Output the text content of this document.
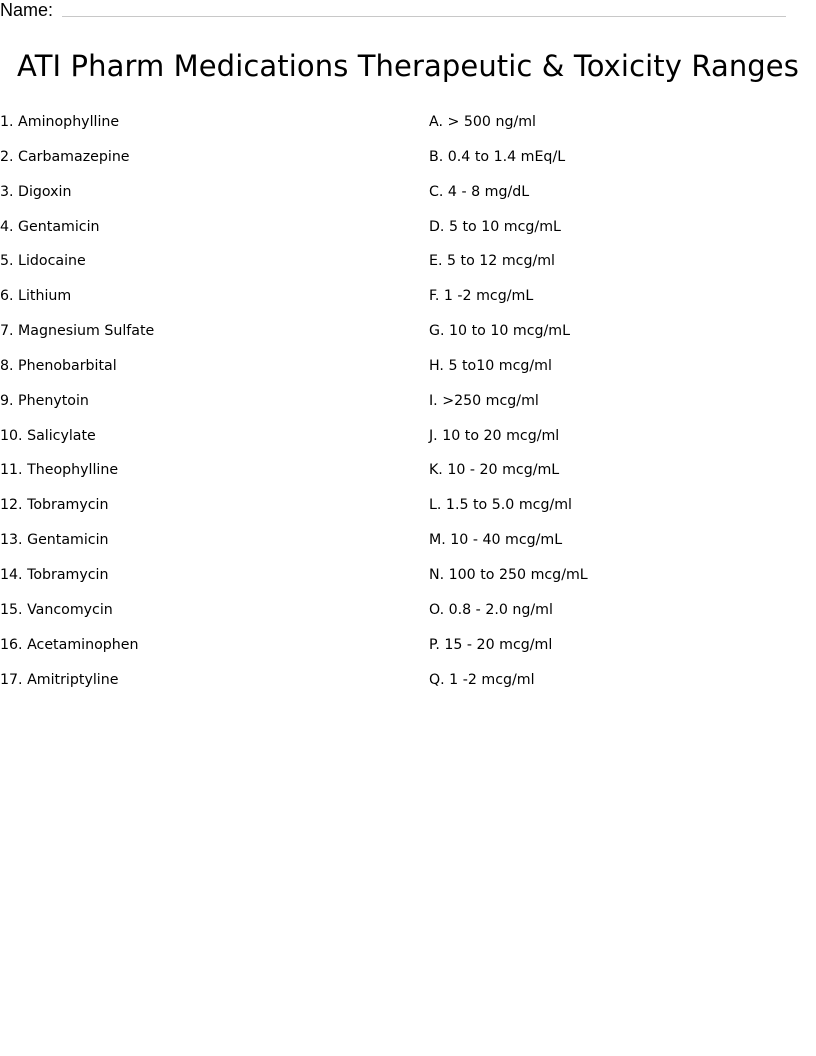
Name:
ATI Pharm Medications Therapeutic & Toxicity Ranges
1. Aminophylline
2. Carbamazepine
3. Digoxin
4. Gentamicin
5. Lidocaine
6. Lithium
7. Magnesium Sulfate
8. Phenobarbital
9. Phenytoin
10. Salicylate
11. Theophylline
12. Tobramycin
13. Gentamicin
14. Tobramycin
15. Vancomycin
16. Acetaminophen
17. Amitriptyline
A. > 500 ng/ml
B. 0.4 to 1.4 mEq/L
C. 4 - 8 mg/dL
D. 5 to 10 mcg/mL
E. 5 to 12 mcg/ml
F. 1 -2 mcg/mL
G. 10 to 10 mcg/mL
H. 5 to10 mcg/ml
I. >250 mcg/ml
J. 10 to 20 mcg/ml
K. 10 - 20 mcg/mL
L. 1.5 to 5.0 mcg/ml
M. 10 - 40 mcg/mL
N. 100 to 250 mcg/mL
O. 0.8 - 2.0 ng/ml
P. 15 - 20 mcg/ml
Q. 1 -2 mcg/ml
